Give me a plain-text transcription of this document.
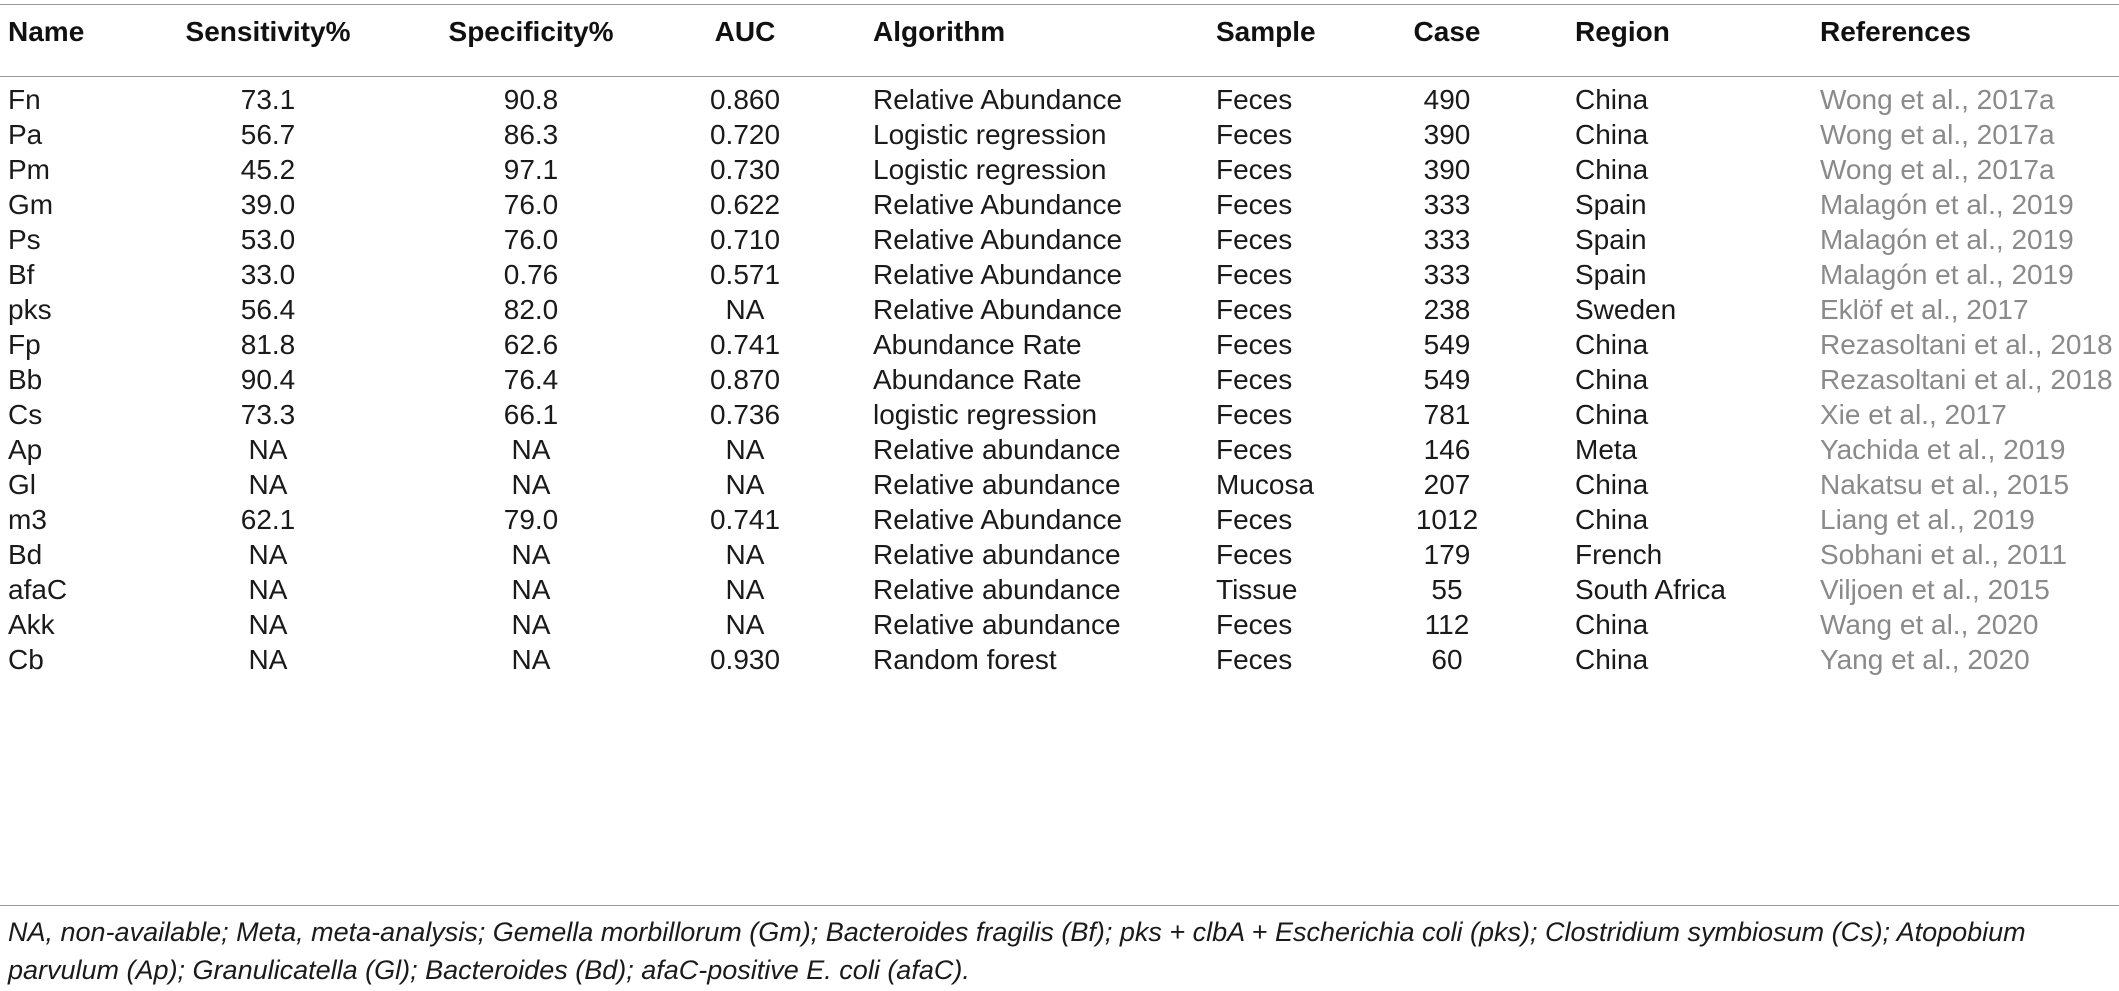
Name	Sensitivity%	Specificity%	AUC	Algorithm	Sample	Case	Region	References
Fn	73.1	90.8	0.860	Relative Abundance	Feces	490	China	Wong et al., 2017a
Pa	56.7	86.3	0.720	Logistic regression	Feces	390	China	Wong et al., 2017a
Pm	45.2	97.1	0.730	Logistic regression	Feces	390	China	Wong et al., 2017a
Gm	39.0	76.0	0.622	Relative Abundance	Feces	333	Spain	Malagón et al., 2019
Ps	53.0	76.0	0.710	Relative Abundance	Feces	333	Spain	Malagón et al., 2019
Bf	33.0	0.76	0.571	Relative Abundance	Feces	333	Spain	Malagón et al., 2019
pks	56.4	82.0	NA	Relative Abundance	Feces	238	Sweden	Eklöf et al., 2017
Fp	81.8	62.6	0.741	Abundance Rate	Feces	549	China	Rezasoltani et al., 2018
Bb	90.4	76.4	0.870	Abundance Rate	Feces	549	China	Rezasoltani et al., 2018
Cs	73.3	66.1	0.736	logistic regression	Feces	781	China	Xie et al., 2017
Ap	NA	NA	NA	Relative abundance	Feces	146	Meta	Yachida et al., 2019
Gl	NA	NA	NA	Relative abundance	Mucosa	207	China	Nakatsu et al., 2015
m3	62.1	79.0	0.741	Relative Abundance	Feces	1012	China	Liang et al., 2019
Bd	NA	NA	NA	Relative abundance	Feces	179	French	Sobhani et al., 2011
afaC	NA	NA	NA	Relative abundance	Tissue	55	South Africa	Viljoen et al., 2015
Akk	NA	NA	NA	Relative abundance	Feces	112	China	Wang et al., 2020
Cb	NA	NA	0.930	Random forest	Feces	60	China	Yang et al., 2020
NA, non-available; Meta, meta-analysis; Gemella morbillorum (Gm); Bacteroides fragilis (Bf); pks + clbA + Escherichia coli (pks); Clostridium symbiosum (Cs); Atopobium parvulum (Ap); Granulicatella (Gl); Bacteroides (Bd); afaC-positive E. coli (afaC).
